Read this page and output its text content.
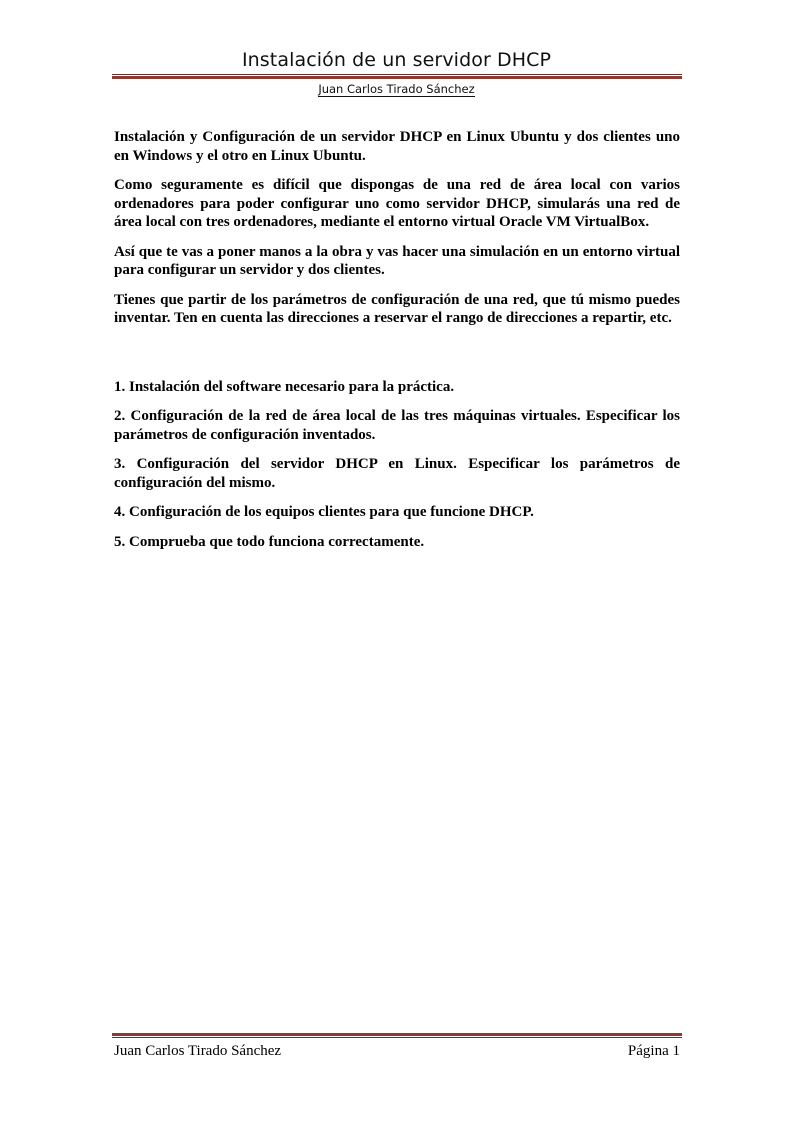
Instalación de un servidor DHCP
Juan Carlos Tirado Sánchez

Instalación y Configuración de un servidor DHCP en Linux Ubuntu y dos clientes uno en Windows y el otro en Linux Ubuntu.

Como seguramente es difícil que dispongas de una red de área local con varios ordenadores para poder configurar uno como servidor DHCP, simularás una red de área local con tres ordenadores, mediante el entorno virtual Oracle VM VirtualBox.

Así que te vas a poner manos a la obra y vas hacer una simulación en un entorno virtual para configurar un servidor y dos clientes.

Tienes que partir de los parámetros de configuración de una red, que tú mismo puedes inventar. Ten en cuenta las direcciones a reservar el rango de direcciones a repartir, etc.

1. Instalación del software necesario para la práctica.

2. Configuración de la red de área local de las tres máquinas virtuales. Especificar los parámetros de configuración inventados.

3. Configuración del servidor DHCP en Linux. Especificar los parámetros de configuración del mismo.

4. Configuración de los equipos clientes para que funcione DHCP.

5. Comprueba que todo funciona correctamente.

Juan Carlos Tirado Sánchez	Página 1
